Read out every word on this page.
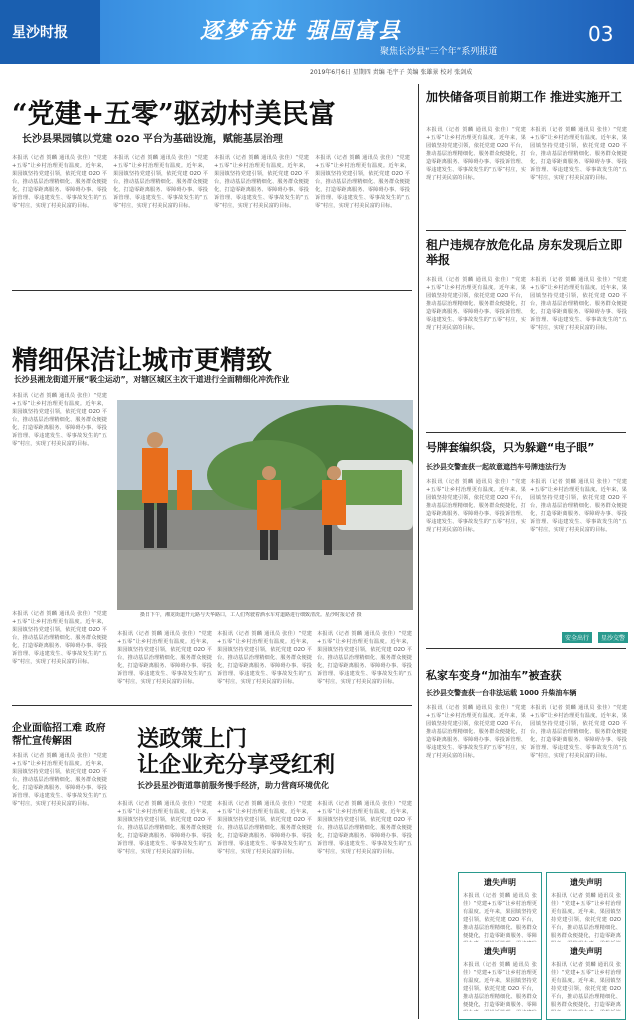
星沙时报	逐梦奋进 强国富县
聚焦长沙县“三个年”系列报道
03
2019年6月6日 星期四 责编 毛宇子 美编 张雄景 校对 张剑成
“党建+五零”驱动村美民富
长沙县果园镇以党建 O2O 平台为基础设施，赋能基层治理
本报讯（记者 贺麟 通讯员 张佳）“党建+五零”让乡村治理更有温度。近年来，果园镇坚持党建引领，依托党建 O2O 平台，推动基层治理精细化、服务群众便捷化，打造零距离服务、零障碍办事、零投诉管理、零违建发生、零事故发生的“五零”村庄，实现了村美民富的目标。
本报讯（记者 贺麟 通讯员 张佳）“党建+五零”让乡村治理更有温度。近年来，果园镇坚持党建引领，依托党建 O2O 平台，推动基层治理精细化、服务群众便捷化，打造零距离服务、零障碍办事、零投诉管理、零违建发生、零事故发生的“五零”村庄，实现了村美民富的目标。
本报讯（记者 贺麟 通讯员 张佳）“党建+五零”让乡村治理更有温度。近年来，果园镇坚持党建引领，依托党建 O2O 平台，推动基层治理精细化、服务群众便捷化，打造零距离服务、零障碍办事、零投诉管理、零违建发生、零事故发生的“五零”村庄，实现了村美民富的目标。
本报讯（记者 贺麟 通讯员 张佳）“党建+五零”让乡村治理更有温度。近年来，果园镇坚持党建引领，依托党建 O2O 平台，推动基层治理精细化、服务群众便捷化，打造零距离服务、零障碍办事、零投诉管理、零违建发生、零事故发生的“五零”村庄，实现了村美民富的目标。
精细保洁让城市更精致
长沙县湘龙街道开展“吸尘运动”，对辖区城区主次干道进行全面精细化冲洗作业
本报讯（记者 贺麟 通讯员 张佳）“党建+五零”让乡村治理更有温度。近年来，果园镇坚持党建引领，依托党建 O2O 平台，推动基层治理精细化、服务群众便捷化，打造零距离服务、零障碍办事、零投诉管理、零违建发生、零事故发生的“五零”村庄，实现了村美民富的目标。
摄日下午，湘龙街道开元路与天华路口，工人们驾驶着洒水车对道路进行细致清洗。星沙时报记者 摄
本报讯（记者 贺麟 通讯员 张佳）“党建+五零”让乡村治理更有温度。近年来，果园镇坚持党建引领，依托党建 O2O 平台，推动基层治理精细化、服务群众便捷化，打造零距离服务、零障碍办事、零投诉管理、零违建发生、零事故发生的“五零”村庄，实现了村美民富的目标。
本报讯（记者 贺麟 通讯员 张佳）“党建+五零”让乡村治理更有温度。近年来，果园镇坚持党建引领，依托党建 O2O 平台，推动基层治理精细化、服务群众便捷化，打造零距离服务、零障碍办事、零投诉管理、零违建发生、零事故发生的“五零”村庄，实现了村美民富的目标。
本报讯（记者 贺麟 通讯员 张佳）“党建+五零”让乡村治理更有温度。近年来，果园镇坚持党建引领，依托党建 O2O 平台，推动基层治理精细化、服务群众便捷化，打造零距离服务、零障碍办事、零投诉管理、零违建发生、零事故发生的“五零”村庄，实现了村美民富的目标。
本报讯（记者 贺麟 通讯员 张佳）“党建+五零”让乡村治理更有温度。近年来，果园镇坚持党建引领，依托党建 O2O 平台，推动基层治理精细化、服务群众便捷化，打造零距离服务、零障碍办事、零投诉管理、零违建发生、零事故发生的“五零”村庄，实现了村美民富的目标。
企业面临招工难 政府帮忙宣传解困
本报讯（记者 贺麟 通讯员 张佳）“党建+五零”让乡村治理更有温度。近年来，果园镇坚持党建引领，依托党建 O2O 平台，推动基层治理精细化、服务群众便捷化，打造零距离服务、零障碍办事、零投诉管理、零违建发生、零事故发生的“五零”村庄，实现了村美民富的目标。
送政策上门
让企业充分享受红利
长沙县星沙街道靠前服务慢手经济，助力营商环境优化
本报讯（记者 贺麟 通讯员 张佳）“党建+五零”让乡村治理更有温度。近年来，果园镇坚持党建引领，依托党建 O2O 平台，推动基层治理精细化、服务群众便捷化，打造零距离服务、零障碍办事、零投诉管理、零违建发生、零事故发生的“五零”村庄，实现了村美民富的目标。
本报讯（记者 贺麟 通讯员 张佳）“党建+五零”让乡村治理更有温度。近年来，果园镇坚持党建引领，依托党建 O2O 平台，推动基层治理精细化、服务群众便捷化，打造零距离服务、零障碍办事、零投诉管理、零违建发生、零事故发生的“五零”村庄，实现了村美民富的目标。
本报讯（记者 贺麟 通讯员 张佳）“党建+五零”让乡村治理更有温度。近年来，果园镇坚持党建引领，依托党建 O2O 平台，推动基层治理精细化、服务群众便捷化，打造零距离服务、零障碍办事、零投诉管理、零违建发生、零事故发生的“五零”村庄，实现了村美民富的目标。
加快储备项目前期工作 推进实施开工
本报讯（记者 贺麟 通讯员 张佳）“党建+五零”让乡村治理更有温度。近年来，果园镇坚持党建引领，依托党建 O2O 平台，推动基层治理精细化、服务群众便捷化，打造零距离服务、零障碍办事、零投诉管理、零违建发生、零事故发生的“五零”村庄，实现了村美民富的目标。
本报讯（记者 贺麟 通讯员 张佳）“党建+五零”让乡村治理更有温度。近年来，果园镇坚持党建引领，依托党建 O2O 平台，推动基层治理精细化、服务群众便捷化，打造零距离服务、零障碍办事、零投诉管理、零违建发生、零事故发生的“五零”村庄，实现了村美民富的目标。
租户违规存放危化品 房东发现后立即举报
本报讯（记者 贺麟 通讯员 张佳）“党建+五零”让乡村治理更有温度。近年来，果园镇坚持党建引领，依托党建 O2O 平台，推动基层治理精细化、服务群众便捷化，打造零距离服务、零障碍办事、零投诉管理、零违建发生、零事故发生的“五零”村庄，实现了村美民富的目标。
本报讯（记者 贺麟 通讯员 张佳）“党建+五零”让乡村治理更有温度。近年来，果园镇坚持党建引领，依托党建 O2O 平台，推动基层治理精细化、服务群众便捷化，打造零距离服务、零障碍办事、零投诉管理、零违建发生、零事故发生的“五零”村庄，实现了村美民富的目标。
号牌套编织袋，只为躲避“电子眼”
长沙县交警查获一起故意遮挡车号牌违法行为
本报讯（记者 贺麟 通讯员 张佳）“党建+五零”让乡村治理更有温度。近年来，果园镇坚持党建引领，依托党建 O2O 平台，推动基层治理精细化、服务群众便捷化，打造零距离服务、零障碍办事、零投诉管理、零违建发生、零事故发生的“五零”村庄，实现了村美民富的目标。
本报讯（记者 贺麟 通讯员 张佳）“党建+五零”让乡村治理更有温度。近年来，果园镇坚持党建引领，依托党建 O2O 平台，推动基层治理精细化、服务群众便捷化，打造零距离服务、零障碍办事、零投诉管理、零违建发生、零事故发生的“五零”村庄，实现了村美民富的目标。
安全出行	星沙交警
私家车变身“加油车”被查获
长沙县交警查获一台非法运载 1000 升柴油车辆
本报讯（记者 贺麟 通讯员 张佳）“党建+五零”让乡村治理更有温度。近年来，果园镇坚持党建引领，依托党建 O2O 平台，推动基层治理精细化、服务群众便捷化，打造零距离服务、零障碍办事、零投诉管理、零违建发生、零事故发生的“五零”村庄，实现了村美民富的目标。
本报讯（记者 贺麟 通讯员 张佳）“党建+五零”让乡村治理更有温度。近年来，果园镇坚持党建引领，依托党建 O2O 平台，推动基层治理精细化、服务群众便捷化，打造零距离服务、零障碍办事、零投诉管理、零违建发生、零事故发生的“五零”村庄，实现了村美民富的目标。
遗失声明
本报讯（记者 贺麟 通讯员 张佳）“党建+五零”让乡村治理更有温度。近年来，果园镇坚持党建引领，依托党建 O2O 平台，推动基层治理精细化、服务群众便捷化，打造零距离服务、零障
遗失声明
本报讯（记者 贺麟 通讯员 张佳）“党建+五零”让乡村治理更有温度。近年来，果园镇坚持党建引领，依托党建 O2O 平台，推动基层治理精细化、服务群众便捷化，打造零距离服务、零障
遗失声明
本报讯（记者 贺麟 通讯员 张佳）“党建+五零”让乡村治理更有温度。近年来，果园镇坚持党建引领，依托党建 O2O 平台，推动基层治理精细化、服务群众便捷化，打造零距离
遗失声明
本报讯（记者 贺麟 通讯员 张佳）“党建+五零”让乡村治理更有温度。近年来，果园镇坚持党建引领，依托党建 O2O 平台，推动基层治理精细化、服务群众便捷化，打造零距离
